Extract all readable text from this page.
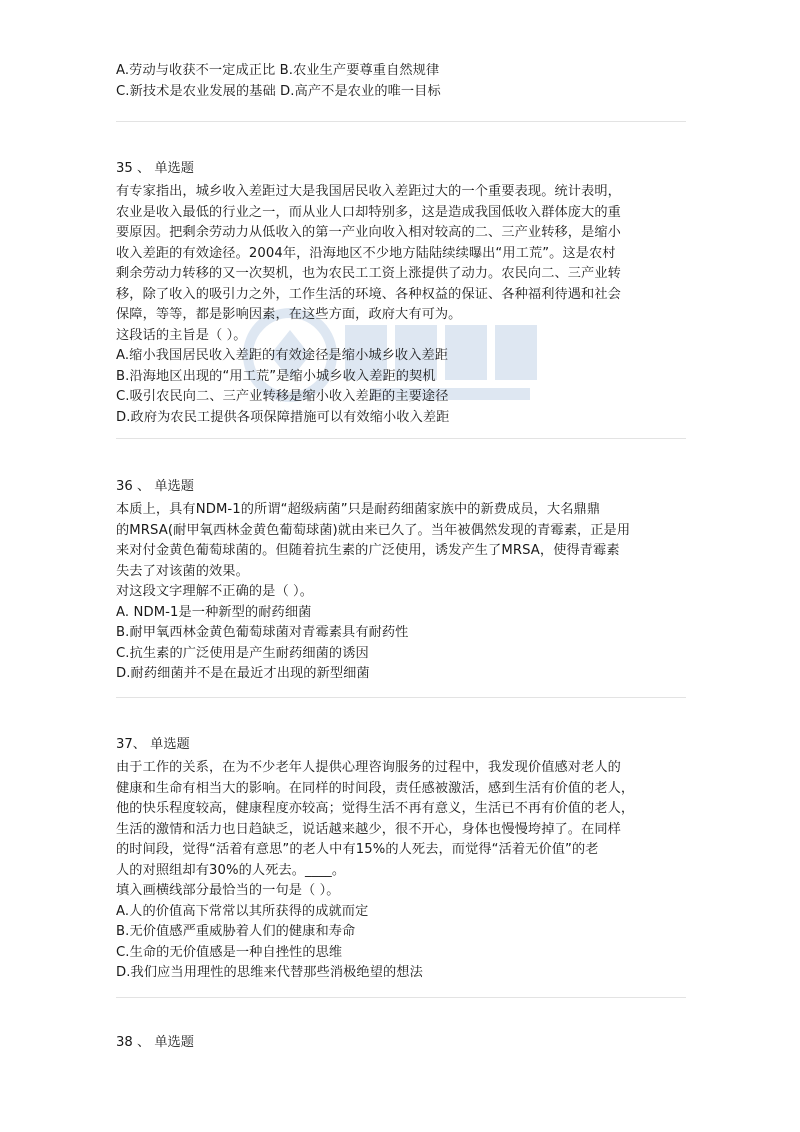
A.劳动与收获不一定成正比 B.农业生产要尊重自然规律
C.新技术是农业发展的基础 D.高产不是农业的唯一目标
35 、 单选题
有专家指出，城乡收入差距过大是我国居民收入差距过大的一个重要表现。统计表明，
农业是收入最低的行业之一，而从业人口却特别多，这是造成我国低收入群体庞大的重
要原因。把剩余劳动力从低收入的第一产业向收入相对较高的二、三产业转移，是缩小
收入差距的有效途径。2004年，沿海地区不少地方陆陆续续曝出“用工荒”。这是农村
剩余劳动力转移的又一次契机，也为农民工工资上涨提供了动力。农民向二、三产业转
移，除了收入的吸引力之外，工作生活的环境、各种权益的保证、各种福利待遇和社会
保障，等等，都是影响因素，在这些方面，政府大有可为。
这段话的主旨是（ ）。
A.缩小我国居民收入差距的有效途径是缩小城乡收入差距
B.沿海地区出现的“用工荒”是缩小城乡收入差距的契机
C.吸引农民向二、三产业转移是缩小收入差距的主要途径
D.政府为农民工提供各项保障措施可以有效缩小收入差距
36 、 单选题
本质上，具有NDM-1的所谓“超级病菌”只是耐药细菌家族中的新费成员，大名鼎鼎
的MRSA(耐甲氧西林金黄色葡萄球菌)就由来已久了。当年被偶然发现的青霉素，正是用
来对付金黄色葡萄球菌的。但随着抗生素的广泛使用，诱发产生了MRSA，使得青霉素
失去了对该菌的效果。
对这段文字理解不正确的是（ ）。
A. NDM-1是一种新型的耐药细菌
B.耐甲氧西林金黄色葡萄球菌对青霉素具有耐药性
C.抗生素的广泛使用是产生耐药细菌的诱因
D.耐药细菌并不是在最近才出现的新型细菌
37、 单选题
由于工作的关系，在为不少老年人提供心理咨询服务的过程中，我发现价值感对老人的
健康和生命有相当大的影响。在同样的时间段，责任感被激活，感到生活有价值的老人，
他的快乐程度较高，健康程度亦较高；觉得生活不再有意义，生活已不再有价值的老人，
生活的激情和活力也日趋缺乏，说话越来越少，很不开心，身体也慢慢垮掉了。在同样
的时间段，觉得“活着有意思”的老人中有15%的人死去，而觉得“活着无价值”的老
人的对照组却有30%的人死去。____。
填入画横线部分最恰当的一句是（ ）。
A.人的价值高下常常以其所获得的成就而定
B.无价值感严重威胁着人们的健康和寿命
C.生命的无价值感是一种自挫性的思维
D.我们应当用理性的思维来代替那些消极绝望的想法
38 、 单选题
